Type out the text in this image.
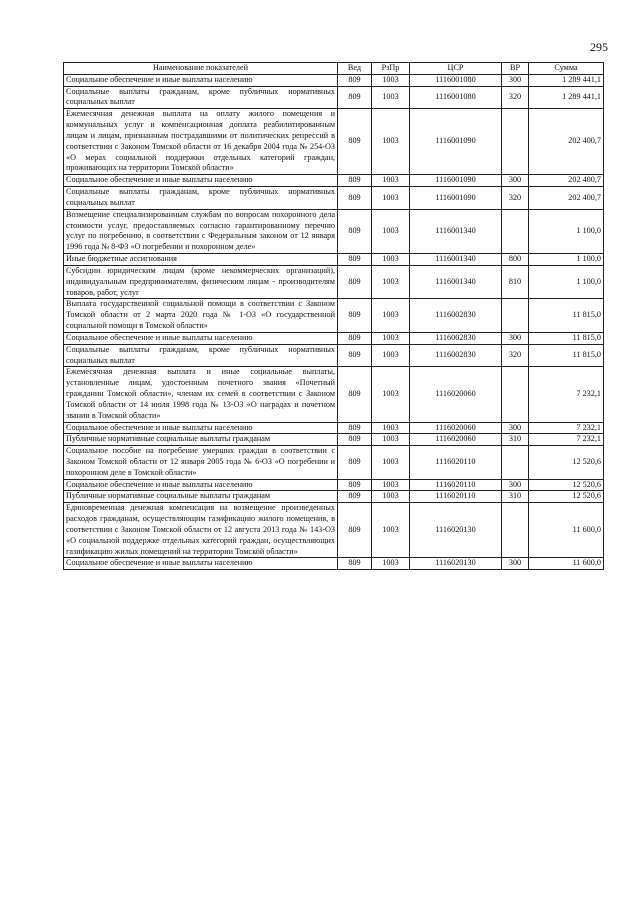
295
Наименование показателей	Вед	РзПр	ЦСР	ВР	Сумма
Социальное обеспечение и иные выплаты населению	809	1003	1116001080	300	1 289 441,1
Социальные выплаты гражданам, кроме публичных нормативных социальных выплат	809	1003	1116001080	320	1 289 441,1
Ежемесячная денежная выплата на оплату жилого помещения и коммунальных услуг и компенсационная доплата реабилитированным лицам и лицам, признанным пострадавшими от политических репрессий в соответствии с Законом Томской области от 16 декабря 2004 года № 254-ОЗ «О мерах социальной поддержки отдельных категорий граждан, проживающих на территории Томской области»	809	1003	1116001090		202 400,7
Социальное обеспечение и иные выплаты населению	809	1003	1116001090	300	202 400,7
Социальные выплаты гражданам, кроме публичных нормативных социальных выплат	809	1003	1116001090	320	202 400,7
Возмещение специализированным службам по вопросам похоронного дела стоимости услуг, предоставляемых согласно гарантированному перечню услуг по погребению, в соответствии с Федеральным законом от 12 января 1996 года № 8-ФЗ «О погребении и похоронном деле»	809	1003	1116001340		1 100,0
Иные бюджетные ассигнования	809	1003	1116001340	800	1 100,0
Субсидии юридическим лицам (кроме некоммерческих организаций), индивидуальным предпринимателям, физическим лицам - производителям товаров, работ, услуг	809	1003	1116001340	810	1 100,0
Выплата государственной социальной помощи в соответствии с Законом Томской области от 2 марта 2020 года № 1-ОЗ «О государственной социальной помощи в Томской области»	809	1003	1116002830		11 815,0
Социальное обеспечение и иные выплаты населению	809	1003	1116002830	300	11 815,0
Социальные выплаты гражданам, кроме публичных нормативных социальных выплат	809	1003	1116002830	320	11 815,0
Ежемесячная денежная выплата и иные социальные выплаты, установленные лицам, удостоенным почетного звания «Почетный гражданин Томской области», членам их семей в соответствии с Законом Томской области от 14 июля 1998 года № 13-ОЗ «О наградах и почетном звании в Томской области»	809	1003	1116020060		7 232,1
Социальное обеспечение и иные выплаты населению	809	1003	1116020060	300	7 232,1
Публичные нормативные социальные выплаты гражданам	809	1003	1116020060	310	7 232,1
Социальное пособие на погребение умерших граждан в соответствии с Законом Томской области от 12 января 2005 года № 6-ОЗ «О погребении и похоронном деле в Томской области»	809	1003	1116020110		12 520,6
Социальное обеспечение и иные выплаты населению	809	1003	1116020110	300	12 520,6
Публичные нормативные социальные выплаты гражданам	809	1003	1116020110	310	12 520,6
Единовременная денежная компенсация на возмещение произведенных расходов гражданам, осуществляющим газификацию жилого помещения, в соответствии с Законом Томской области от 12 августа 2013 года № 143-ОЗ «О социальной поддержке отдельных категорий граждан, осуществляющих газификацию жилых помещений на территории Томской области»	809	1003	1116020130		11 600,0
Социальное обеспечение и иные выплаты населению	809	1003	1116020130	300	11 600,0
